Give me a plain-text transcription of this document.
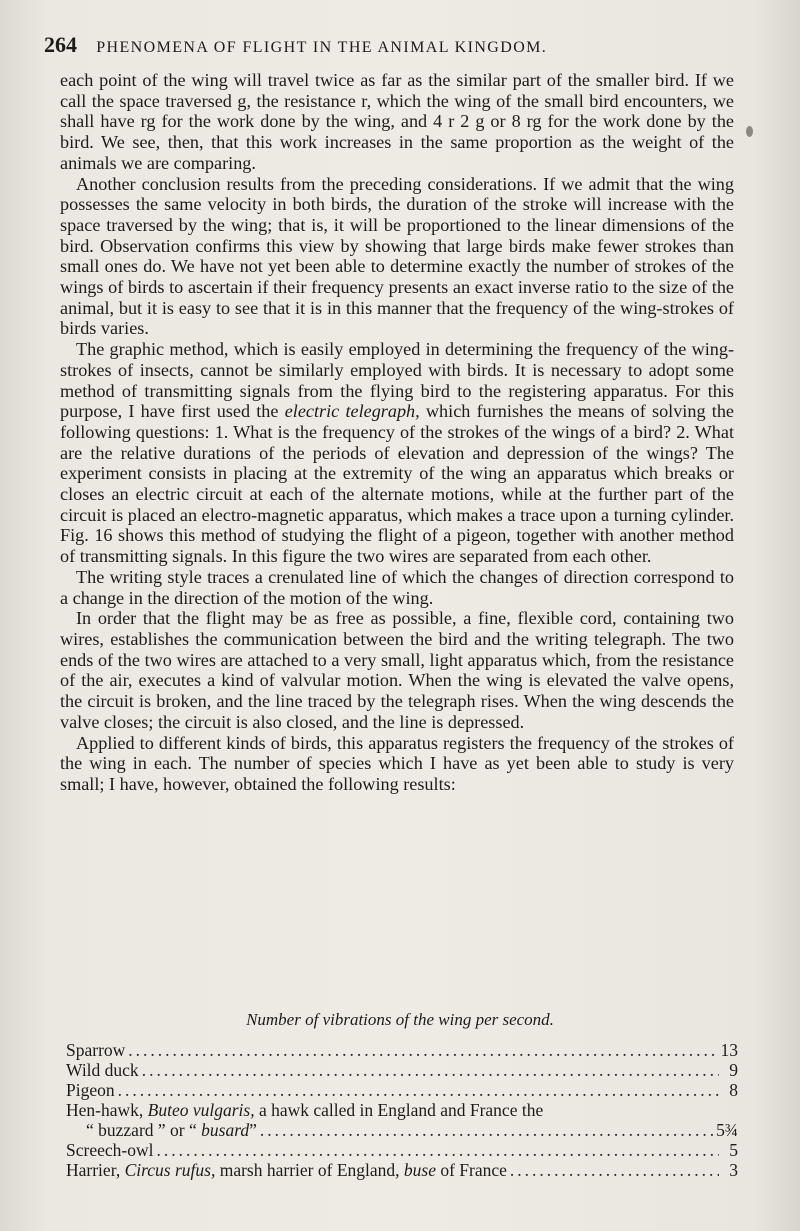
264 PHENOMENA OF FLIGHT IN THE ANIMAL KINGDOM.

each point of the wing will travel twice as far as the similar part of the smaller bird. If we call the space traversed g, the resistance r, which the wing of the small bird encounters, we shall have rg for the work done by the wing, and 4 r 2 g or 8 rg for the work done by the bird. We see, then, that this work increases in the same proportion as the weight of the animals we are comparing.

Another conclusion results from the preceding considerations. If we admit that the wing possesses the same velocity in both birds, the duration of the stroke will increase with the space traversed by the wing; that is, it will be proportioned to the linear dimensions of the bird. Observation confirms this view by showing that large birds make fewer strokes than small ones do. We have not yet been able to determine exactly the number of strokes of the wings of birds to ascertain if their frequency presents an exact inverse ratio to the size of the animal, but it is easy to see that it is in this manner that the frequency of the wing-strokes of birds varies.

The graphic method, which is easily employed in determining the frequency of the wing-strokes of insects, cannot be similarly employed with birds. It is necessary to adopt some method of transmitting signals from the flying bird to the registering apparatus. For this purpose, I have first used the electric telegraph, which furnishes the means of solving the following questions: 1. What is the frequency of the strokes of the wings of a bird? 2. What are the relative durations of the periods of elevation and depression of the wings? The experiment consists in placing at the extremity of the wing an apparatus which breaks or closes an electric circuit at each of the alternate motions, while at the further part of the circuit is placed an electro-magnetic apparatus, which makes a trace upon a turning cylinder. Fig. 16 shows this method of studying the flight of a pigeon, together with another method of transmitting signals. In this figure the two wires are separated from each other.

The writing style traces a crenulated line of which the changes of direction correspond to a change in the direction of the motion of the wing.

In order that the flight may be as free as possible, a fine, flexible cord, containing two wires, establishes the communication between the bird and the writing telegraph. The two ends of the two wires are attached to a very small, light apparatus which, from the resistance of the air, executes a kind of valvular motion. When the wing is elevated the valve opens, the circuit is broken, and the line traced by the telegraph rises. When the wing descends the valve closes; the circuit is also closed, and the line is depressed.

Applied to different kinds of birds, this apparatus registers the frequency of the strokes of the wing in each. The number of species which I have as yet been able to study is very small; I have, however, obtained the following results:

Number of vibrations of the wing per second.
Sparrow .....	13
Wild duck .....	9
Pigeon .....	8
Hen-hawk, Buteo vulgaris, a hawk called in England and France the
“ buzzard ” or “ busard” .....	5¾
Screech-owl .....	5
Harrier, Circus rufus, marsh harrier of England, buse of France .....	3
